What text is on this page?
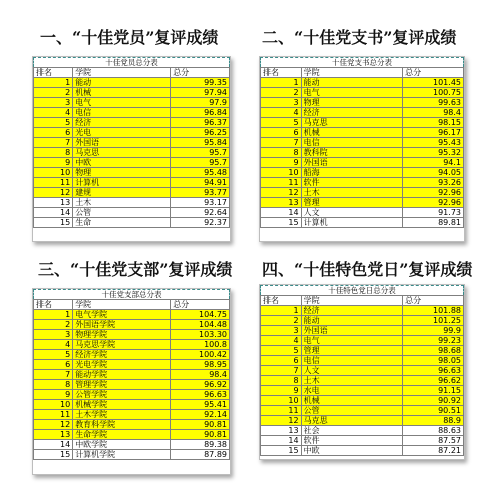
一、“十佳党员”复评成绩
十佳党员总分表
排名	学院	总分
1	能动	99.35
2	机械	97.94
3	电气	97.9
4	电信	96.84
5	经济	96.37
6	光电	96.25
7	外国语	95.84
8	马克思	95.7
9	中欧	95.7
10	物理	95.48
11	计算机	94.91
12	建规	93.77
13	土木	93.17
14	公管	92.64
15	生命	92.37
二、“十佳党支书”复评成绩
十佳党支书总分表
排名	学院	总分
1	能动	101.45
2	电气	100.75
3	物理	99.63
4	经济	98.4
5	马克思	98.15
6	机械	96.17
7	电信	95.43
8	教科院	95.32
9	外国语	94.1
10	船海	94.05
11	软件	93.26
12	土木	92.96
13	管理	92.96
14	人文	91.73
15	计算机	89.81
三、“十佳党支部”复评成绩
十佳党支部总分表
排名	学院	总分
1	电气学院	104.75
2	外国语学院	104.48
3	物理学院	103.30
4	马克思学院	100.8
5	经济学院	100.42
6	光电学院	98.95
7	能动学院	98.4
8	管理学院	96.92
9	公管学院	96.63
10	机械学院	95.41
11	土木学院	92.14
12	教育科学院	90.81
13	生命学院	90.81
14	中欧学院	89.38
15	计算机学院	87.89
四、“十佳特色党日”复评成绩
十佳特色党日总分表
排名	学院	总分
1	经济	101.88
2	能动	101.25
3	外国语	99.9
4	电气	99.23
5	管理	98.68
6	电信	98.05
7	人文	96.63
8	土木	96.62
9	水电	91.15
10	机械	90.92
11	公管	90.51
12	马克思	88.9
13	社会	88.63
14	软件	87.57
15	中欧	87.21
